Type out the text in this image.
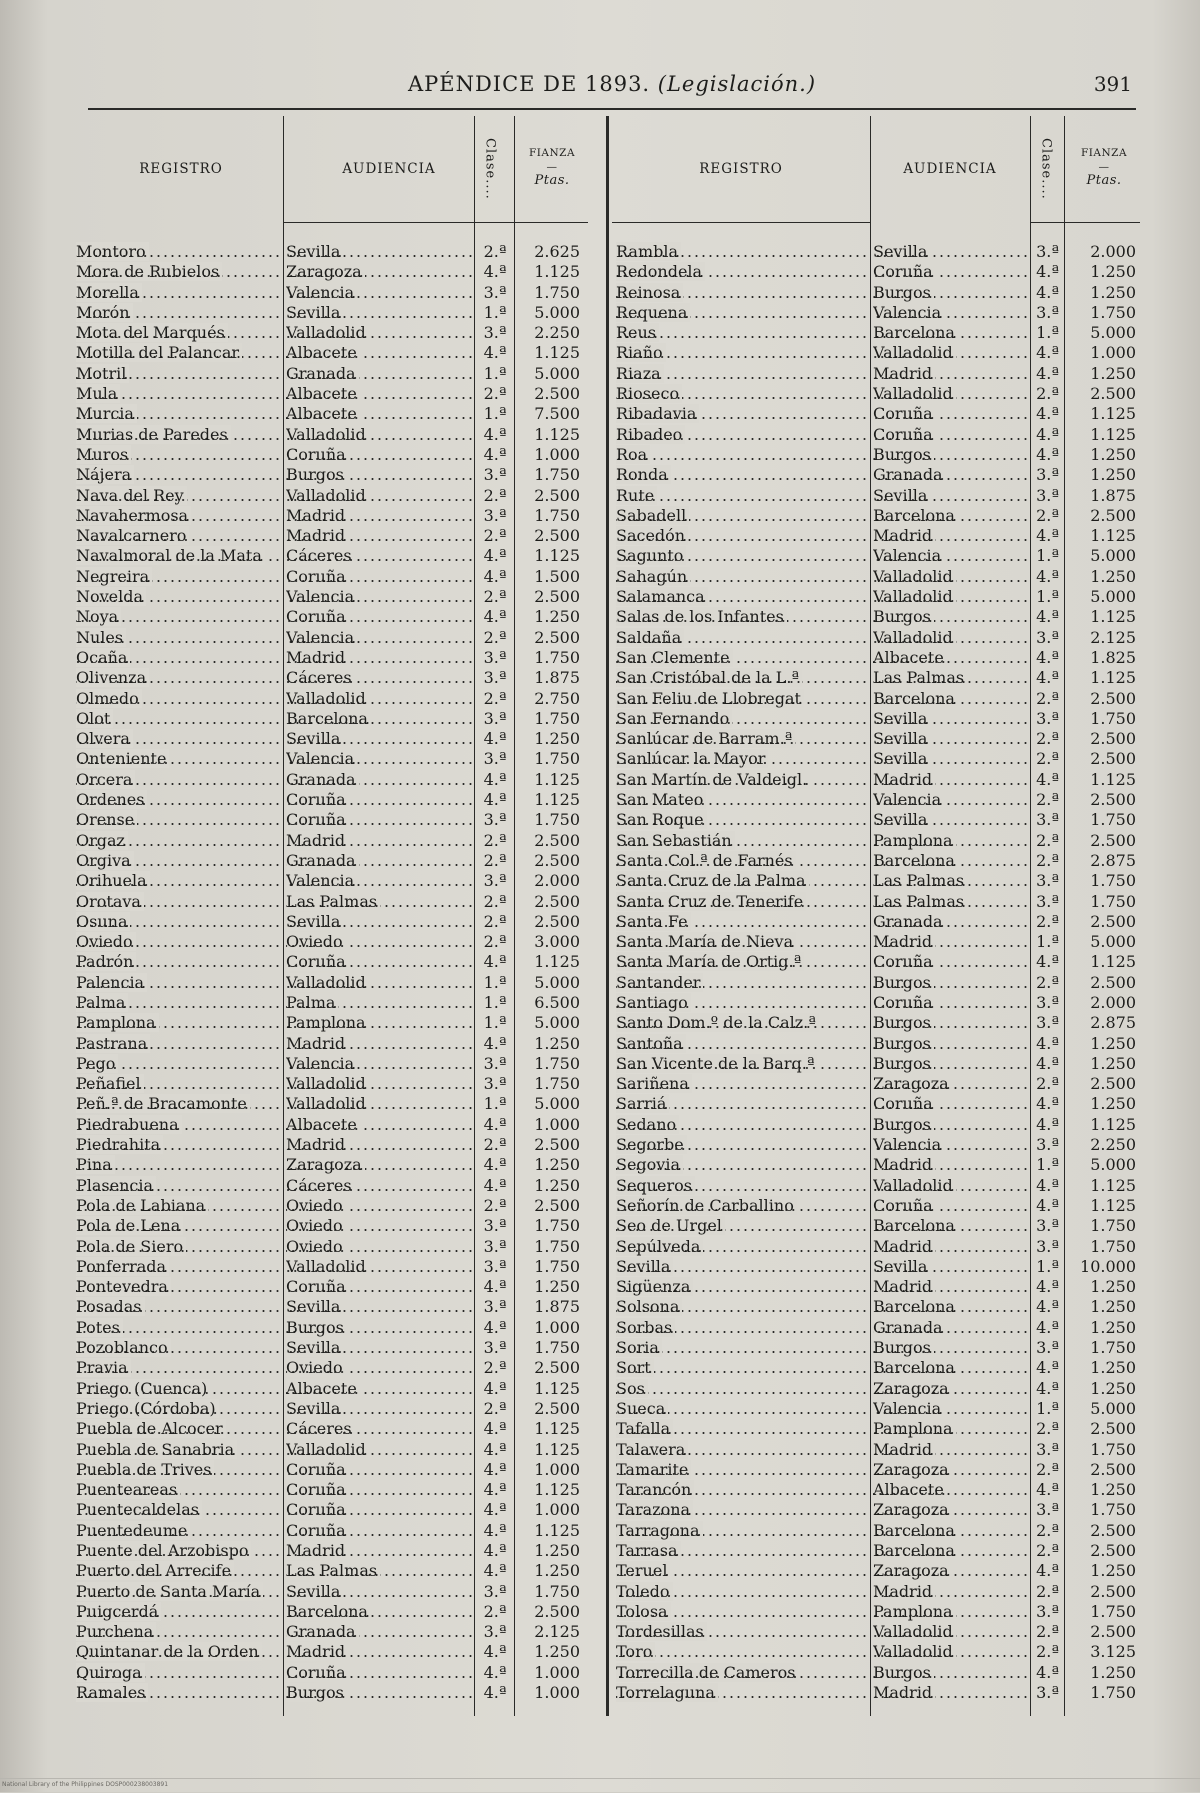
APÉNDICE DE 1893. (Legislación.)	391
REGISTRO	AUDIENCIA	Clase....	FIANZA
—
Ptas.
Montoro	Sevilla	2.ª	2.625
Mora de Rubielos	Zaragoza	4.ª	1.125
Morella	Valencia	3.ª	1.750
Morón	Sevilla	1.ª	5.000
Mota del Marqués	Valladolid	3.ª	2.250
Motilla del Palancar	Albacete	4.ª	1.125
Motril	Granada	1.ª	5.000
Mula	Albacete	2.ª	2.500
Murcia	Albacete	1.ª	7.500
Murias de Paredes	Valladolid	4.ª	1.125
Muros	Coruña	4.ª	1.000
Nájera	Burgos	3.ª	1.750
Nava del Rey	Valladolid	2.ª	2.500
Navahermosa	Madrid	3.ª	1.750
Navalcarnero	Madrid	2.ª	2.500
Navalmoral de la Mata	Cáceres	4.ª	1.125
Negreira	Coruña	4.ª	1.500
Novelda	Valencia	2.ª	2.500
Noya	Coruña	4.ª	1.250
Nules	Valencia	2.ª	2.500
Ocaña	Madrid	3.ª	1.750
Olivenza	Cáceres	3.ª	1.875
Olmedo	Valladolid	2.ª	2.750
Olot	Barcelona	3.ª	1.750
Olvera	Sevilla	4.ª	1.250
Onteniente	Valencia	3.ª	1.750
Orcera	Granada	4.ª	1.125
Ordenes	Coruña	4.ª	1.125
Orense	Coruña	3.ª	1.750
Orgaz	Madrid	2.ª	2.500
Orgiva	Granada	2.ª	2.500
Orihuela	Valencia	3.ª	2.000
Orotava	Las Palmas	2.ª	2.500
Osuna	Sevilla	2.ª	2.500
Oviedo	Oviedo	2.ª	3.000
Padrón	Coruña	4.ª	1.125
Palencia	Valladolid	1.ª	5.000
Palma	Palma	1.ª	6.500
Pamplona	Pamplona	1.ª	5.000
Pastrana	Madrid	4.ª	1.250
Pego	Valencia	3.ª	1.750
Peñafiel	Valladolid	3.ª	1.750
Peñ.ª de Bracamonte	Valladolid	1.ª	5.000
Piedrabuena	Albacete	4.ª	1.000
Piedrahita	Madrid	2.ª	2.500
Pina	Zaragoza	4.ª	1.250
Plasencia	Cáceres	4.ª	1.250
Pola de Labiana	Oviedo	2.ª	2.500
Pola de Lena	Oviedo	3.ª	1.750
Pola de Siero	Oviedo	3.ª	1.750
Ponferrada	Valladolid	3.ª	1.750
Pontevedra	Coruña	4.ª	1.250
Posadas	Sevilla	3.ª	1.875
Potes	Burgos	4.ª	1.000
Pozoblanco	Sevilla	3.ª	1.750
Pravia	Oviedo	2.ª	2.500
Priego (Cuenca)	Albacete	4.ª	1.125
Priego (Córdoba)	Sevilla	2.ª	2.500
Puebla de Alcocer	Cáceres	4.ª	1.125
Puebla de Sanabria	Valladolid	4.ª	1.125
Puebla de Trives	Coruña	4.ª	1.000
Puenteareas	Coruña	4.ª	1.125
Puentecaldelas	Coruña	4.ª	1.000
Puentedeume	Coruña	4.ª	1.125
Puente del Arzobispo	Madrid	4.ª	1.250
Puerto del Arrecife	Las Palmas	4.ª	1.250
Puerto de Santa María	Sevilla	3.ª	1.750
Puigcerdá	Barcelona	2.ª	2.500
Purchena	Granada	3.ª	2.125
Quintanar de la Orden	Madrid	4.ª	1.250
Quiroga	Coruña	4.ª	1.000
Ramales	Burgos	4.ª	1.000
REGISTRO	AUDIENCIA	Clase....	FIANZA
—
Ptas.
Rambla	Sevilla	3.ª	2.000
Redondela	Coruña	4.ª	1.250
Reinosa	Burgos	4.ª	1.250
Requena	Valencia	3.ª	1.750
Reus	Barcelona	1.ª	5.000
Riaño	Valladolid	4.ª	1.000
Riaza	Madrid	4.ª	1.250
Rioseco	Valladolid	2.ª	2.500
Ribadavia	Coruña	4.ª	1.125
Ribadeo	Coruña	4.ª	1.125
Roa	Burgos	4.ª	1.250
Ronda	Granada	3.ª	1.250
Rute	Sevilla	3.ª	1.875
Sabadell	Barcelona	2.ª	2.500
Sacedón	Madrid	4.ª	1.125
Sagunto	Valencia	1.ª	5.000
Sahagún	Valladolid	4.ª	1.250
Salamanca	Valladolid	1.ª	5.000
Salas de los Infantes	Burgos	4.ª	1.125
Saldaña	Valladolid	3.ª	2.125
San Clemente	Albacete	4.ª	1.825
San Cristóbal de la L.ª	Las Palmas	4.ª	1.125
San Feliu de Llobregat	Barcelona	2.ª	2.500
San Fernando	Sevilla	3.ª	1.750
Sanlúcar de Barram.ª	Sevilla	2.ª	2.500
Sanlúcar la Mayor	Sevilla	2.ª	2.500
San Martín de Valdeigl.	Madrid	4.ª	1.125
San Mateo	Valencia	2.ª	2.500
San Roque	Sevilla	3.ª	1.750
San Sebastián	Pamplona	2.ª	2.500
Santa Col.ª de Farnés	Barcelona	2.ª	2.875
Santa Cruz de la Palma	Las Palmas	3.ª	1.750
Santa Cruz de Tenerife	Las Palmas	3.ª	1.750
Santa Fe	Granada	2.ª	2.500
Santa María de Nieva	Madrid	1.ª	5.000
Santa María de Ortig.ª	Coruña	4.ª	1.125
Santander	Burgos	2.ª	2.500
Santiago	Coruña	3.ª	2.000
Santo Dom.º de la Calz.ª	Burgos	3.ª	2.875
Santoña	Burgos	4.ª	1.250
San Vicente de la Barq.ª	Burgos	4.ª	1.250
Sariñena	Zaragoza	2.ª	2.500
Sarriá	Coruña	4.ª	1.250
Sedano	Burgos	4.ª	1.125
Segorbe	Valencia	3.ª	2.250
Segovia	Madrid	1.ª	5.000
Sequeros	Valladolid	4.ª	1.125
Señorín de Carballino	Coruña	4.ª	1.125
Seo de Urgel	Barcelona	3.ª	1.750
Sepúlveda	Madrid	3.ª	1.750
Sevilla	Sevilla	1.ª	10.000
Sigüenza	Madrid	4.ª	1.250
Solsona	Barcelona	4.ª	1.250
Sorbas	Granada	4.ª	1.250
Soria	Burgos	3.ª	1.750
Sort	Barcelona	4.ª	1.250
Sos	Zaragoza	4.ª	1.250
Sueca	Valencia	1.ª	5.000
Tafalla	Pamplona	2.ª	2.500
Talavera	Madrid	3.ª	1.750
Tamarite	Zaragoza	2.ª	2.500
Tarancón	Albacete	4.ª	1.250
Tarazona	Zaragoza	3.ª	1.750
Tarragona	Barcelona	2.ª	2.500
Tarrasa	Barcelona	2.ª	2.500
Teruel	Zaragoza	4.ª	1.250
Toledo	Madrid	2.ª	2.500
Tolosa	Pamplona	3.ª	1.750
Tordesillas	Valladolid	2.ª	2.500
Toro	Valladolid	2.ª	3.125
Torrecilla de Cameros	Burgos	4.ª	1.250
Torrelaguna	Madrid	3.ª	1.750
National Library of the Philippines DOSP000238003891
